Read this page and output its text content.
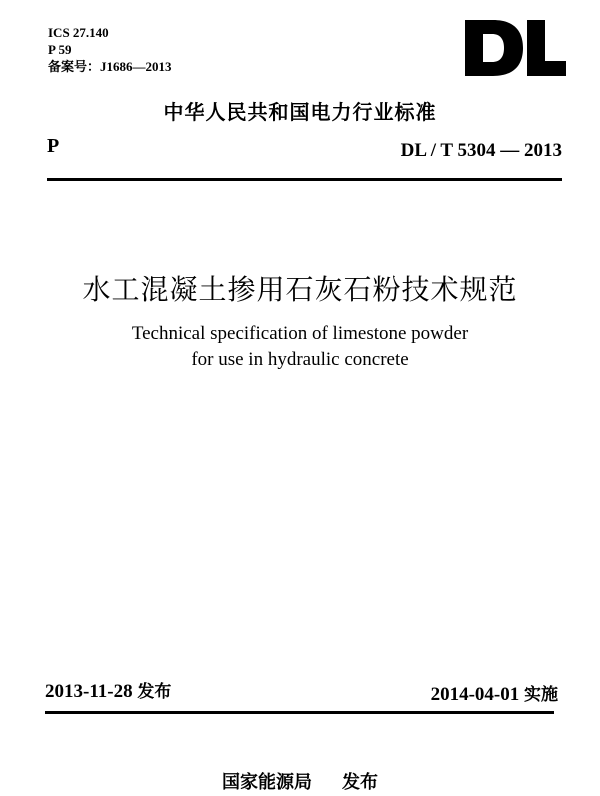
ICS 27.140
P 59
备案号：J1686—2013
中华人民共和国电力行业标准
P	DL / T 5304 — 2013
水工混凝土掺用石灰石粉技术规范
Technical specification of limestone powder
for use in hydraulic concrete
2013-11-28 发布	2014-04-01 实施
国家能源局 发布
